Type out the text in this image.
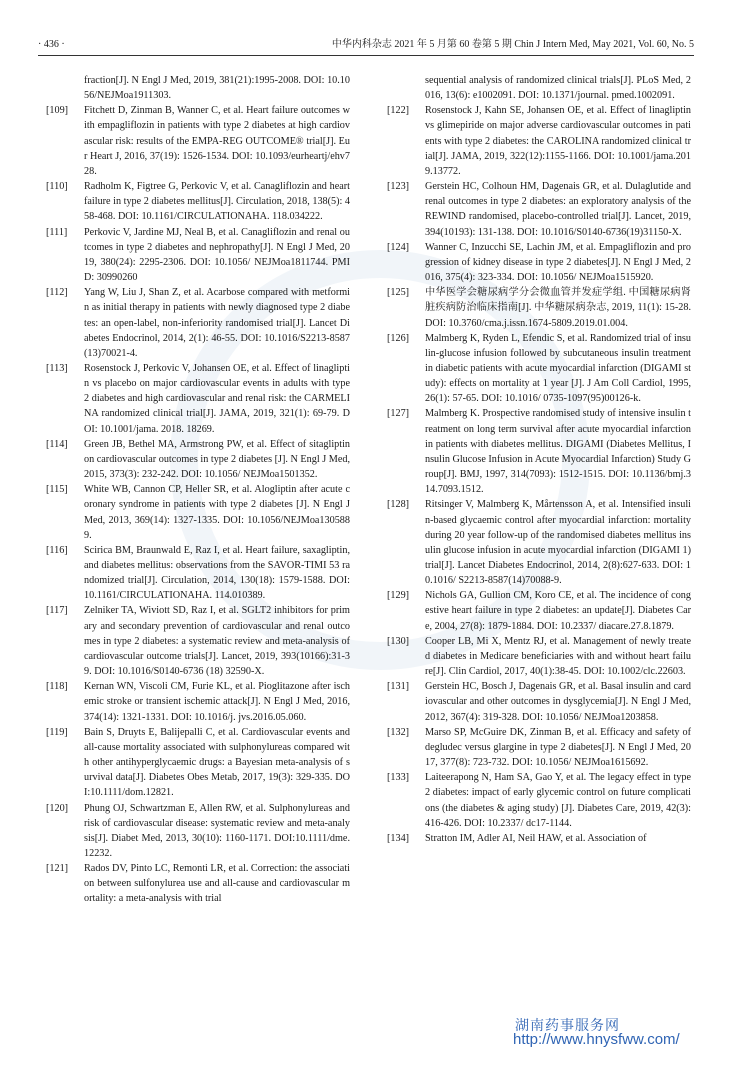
· 436 ·	中华内科杂志 2021 年 5 月第 60 卷第 5 期 Chin J Intern Med, May 2021, Vol. 60, No. 5
fraction[J]. N Engl J Med, 2019, 381(21):1995-2008. DOI: 10.1056/NEJMoa1911303.
[109]	Fitchett D, Zinman B, Wanner C, et al. Heart failure outcomes with empagliflozin in patients with type 2 diabetes at high cardiovascular risk: results of the EMPA-REG OUTCOME® trial[J]. Eur Heart J, 2016, 37(19): 1526-1534. DOI: 10.1093/eurheartj/ehv728.
[110]	Radholm K, Figtree G, Perkovic V, et al. Canagliflozin and heart failure in type 2 diabetes mellitus[J]. Circulation, 2018, 138(5): 458-468. DOI: 10.1161/CIRCULATIONAHA. 118.034222.
[111]	Perkovic V, Jardine MJ, Neal B, et al. Canagliflozin and renal outcomes in type 2 diabetes and nephropathy[J]. N Engl J Med, 2019, 380(24): 2295-2306. DOI: 10.1056/ NEJMoa1811744. PMID: 30990260
[112]	Yang W, Liu J, Shan Z, et al. Acarbose compared with metformin as initial therapy in patients with newly diagnosed type 2 diabetes: an open-label, non-inferiority randomised trial[J]. Lancet Diabetes Endocrinol, 2014, 2(1): 46-55. DOI: 10.1016/S2213-8587(13)70021-4.
[113]	Rosenstock J, Perkovic V, Johansen OE, et al. Effect of linagliptin vs placebo on major cardiovascular events in adults with type 2 diabetes and high cardiovascular and renal risk: the CARMELINA randomized clinical trial[J]. JAMA, 2019, 321(1): 69-79. DOI: 10.1001/jama. 2018. 18269.
[114]	Green JB, Bethel MA, Armstrong PW, et al. Effect of sitagliptin on cardiovascular outcomes in type 2 diabetes [J]. N Engl J Med, 2015, 373(3): 232-242. DOI: 10.1056/ NEJMoa1501352.
[115]	White WB, Cannon CP, Heller SR, et al. Alogliptin after acute coronary syndrome in patients with type 2 diabetes [J]. N Engl J Med, 2013, 369(14): 1327-1335. DOI: 10.1056/NEJMoa1305889.
[116]	Scirica BM, Braunwald E, Raz I, et al. Heart failure, saxagliptin, and diabetes mellitus: observations from the SAVOR-TIMI 53 randomized trial[J]. Circulation, 2014, 130(18): 1579-1588. DOI: 10.1161/CIRCULATIONAHA. 114.010389.
[117]	Zelniker TA, Wiviott SD, Raz I, et al. SGLT2 inhibitors for primary and secondary prevention of cardiovascular and renal outcomes in type 2 diabetes: a systematic review and meta-analysis of cardiovascular outcome trials[J]. Lancet, 2019, 393(10166):31-39. DOI: 10.1016/S0140-6736 (18) 32590-X.
[118]	Kernan WN, Viscoli CM, Furie KL, et al. Pioglitazone after ischemic stroke or transient ischemic attack[J]. N Engl J Med, 2016, 374(14): 1321-1331. DOI: 10.1016/j. jvs.2016.05.060.
[119]	Bain S, Druyts E, Balijepalli C, et al. Cardiovascular events and all-cause mortality associated with sulphonylureas compared with other antihyperglycaemic drugs: a Bayesian meta-analysis of survival data[J]. Diabetes Obes Metab, 2017, 19(3): 329-335. DOI:10.1111/dom.12821.
[120]	Phung OJ, Schwartzman E, Allen RW, et al. Sulphonylureas and risk of cardiovascular disease: systematic review and meta-analysis[J]. Diabet Med, 2013, 30(10): 1160-1171. DOI:10.1111/dme.12232.
[121]	Rados DV, Pinto LC, Remonti LR, et al. Correction: the association between sulfonylurea use and all-cause and cardiovascular mortality: a meta-analysis with trial
sequential analysis of randomized clinical trials[J]. PLoS Med, 2016, 13(6): e1002091. DOI: 10.1371/journal. pmed.1002091.
[122]	Rosenstock J, Kahn SE, Johansen OE, et al. Effect of linagliptin vs glimepiride on major adverse cardiovascular outcomes in patients with type 2 diabetes: the CAROLINA randomized clinical trial[J]. JAMA, 2019, 322(12):1155-1166. DOI: 10.1001/jama.2019.13772.
[123]	Gerstein HC, Colhoun HM, Dagenais GR, et al. Dulaglutide and renal outcomes in type 2 diabetes: an exploratory analysis of the REWIND randomised, placebo-controlled trial[J]. Lancet, 2019, 394(10193): 131-138. DOI: 10.1016/S0140-6736(19)31150-X.
[124]	Wanner C, Inzucchi SE, Lachin JM, et al. Empagliflozin and progression of kidney disease in type 2 diabetes[J]. N Engl J Med, 2016, 375(4): 323-334. DOI: 10.1056/ NEJMoa1515920.
[125]	中华医学会糖尿病学分会微血管并发症学组. 中国糖尿病肾脏疾病防治临床指南[J]. 中华糖尿病杂志, 2019, 11(1): 15-28. DOI: 10.3760/cma.j.issn.1674-5809.2019.01.004.
[126]	Malmberg K, Ryden L, Efendic S, et al. Randomized trial of insulin-glucose infusion followed by subcutaneous insulin treatment in diabetic patients with acute myocardial infarction (DIGAMI study): effects on mortality at 1 year [J]. J Am Coll Cardiol, 1995, 26(1): 57-65. DOI: 10.1016/ 0735-1097(95)00126-k.
[127]	Malmberg K. Prospective randomised study of intensive insulin treatment on long term survival after acute myocardial infarction in patients with diabetes mellitus. DIGAMI (Diabetes Mellitus, Insulin Glucose Infusion in Acute Myocardial Infarction) Study Group[J]. BMJ, 1997, 314(7093): 1512-1515. DOI: 10.1136/bmj.314.7093.1512.
[128]	Ritsinger V, Malmberg K, Mårtensson A, et al. Intensified insulin-based glycaemic control after myocardial infarction: mortality during 20 year follow-up of the randomised diabetes mellitus insulin glucose infusion in acute myocardial infarction (DIGAMI 1) trial[J]. Lancet Diabetes Endocrinol, 2014, 2(8):627-633. DOI: 10.1016/ S2213-8587(14)70088-9.
[129]	Nichols GA, Gullion CM, Koro CE, et al. The incidence of congestive heart failure in type 2 diabetes: an update[J]. Diabetes Care, 2004, 27(8): 1879-1884. DOI: 10.2337/ diacare.27.8.1879.
[130]	Cooper LB, Mi X, Mentz RJ, et al. Management of newly treated diabetes in Medicare beneficiaries with and without heart failure[J]. Clin Cardiol, 2017, 40(1):38-45. DOI: 10.1002/clc.22603.
[131]	Gerstein HC, Bosch J, Dagenais GR, et al. Basal insulin and cardiovascular and other outcomes in dysglycemia[J]. N Engl J Med, 2012, 367(4): 319-328. DOI: 10.1056/ NEJMoa1203858.
[132]	Marso SP, McGuire DK, Zinman B, et al. Efficacy and safety of degludec versus glargine in type 2 diabetes[J]. N Engl J Med, 2017, 377(8): 723-732. DOI: 10.1056/ NEJMoa1615692.
[133]	Laiteerapong N, Ham SA, Gao Y, et al. The legacy effect in type 2 diabetes: impact of early glycemic control on future complications (the diabetes & aging study) [J]. Diabetes Care, 2019, 42(3): 416-426. DOI: 10.2337/ dc17-1144.
[134]	Stratton IM, Adler AI, Neil HAW, et al. Association of
湖南药事服务网
http://www.hnysfww.com/
